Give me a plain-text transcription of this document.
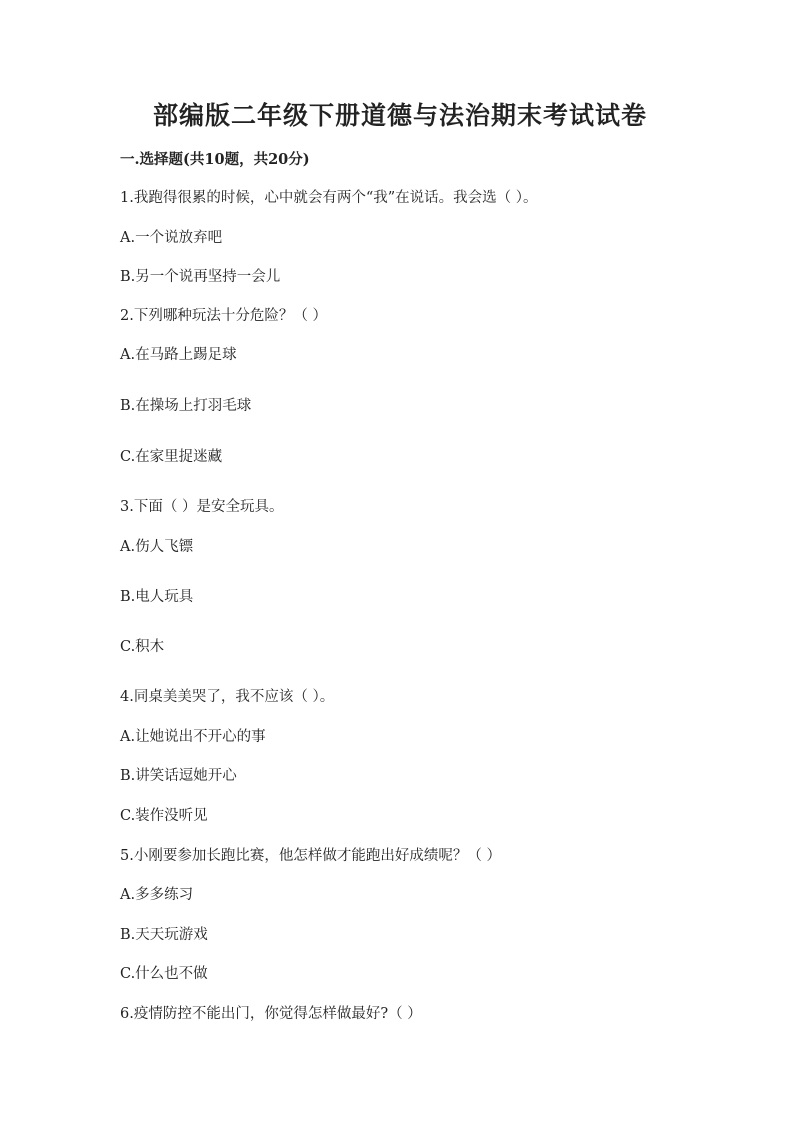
部编版二年级下册道德与法治期末考试试卷
一.选择题(共10题，共20分)
1.我跑得很累的时候，心中就会有两个“我”在说话。我会选（ ）。
A.一个说放弃吧
B.另一个说再坚持一会儿
2.下列哪种玩法十分危险？（ ）
A.在马路上踢足球
B.在操场上打羽毛球
C.在家里捉迷藏
3.下面（ ）是安全玩具。
A.伤人飞镖
B.电人玩具
C.积木
4.同桌美美哭了，我不应该（ ）。
A.让她说出不开心的事
B.讲笑话逗她开心
C.装作没听见
5.小刚要参加长跑比赛，他怎样做才能跑出好成绩呢？（ ）
A.多多练习
B.天天玩游戏
C.什么也不做
6.疫情防控不能出门，你觉得怎样做最好?（ ）
